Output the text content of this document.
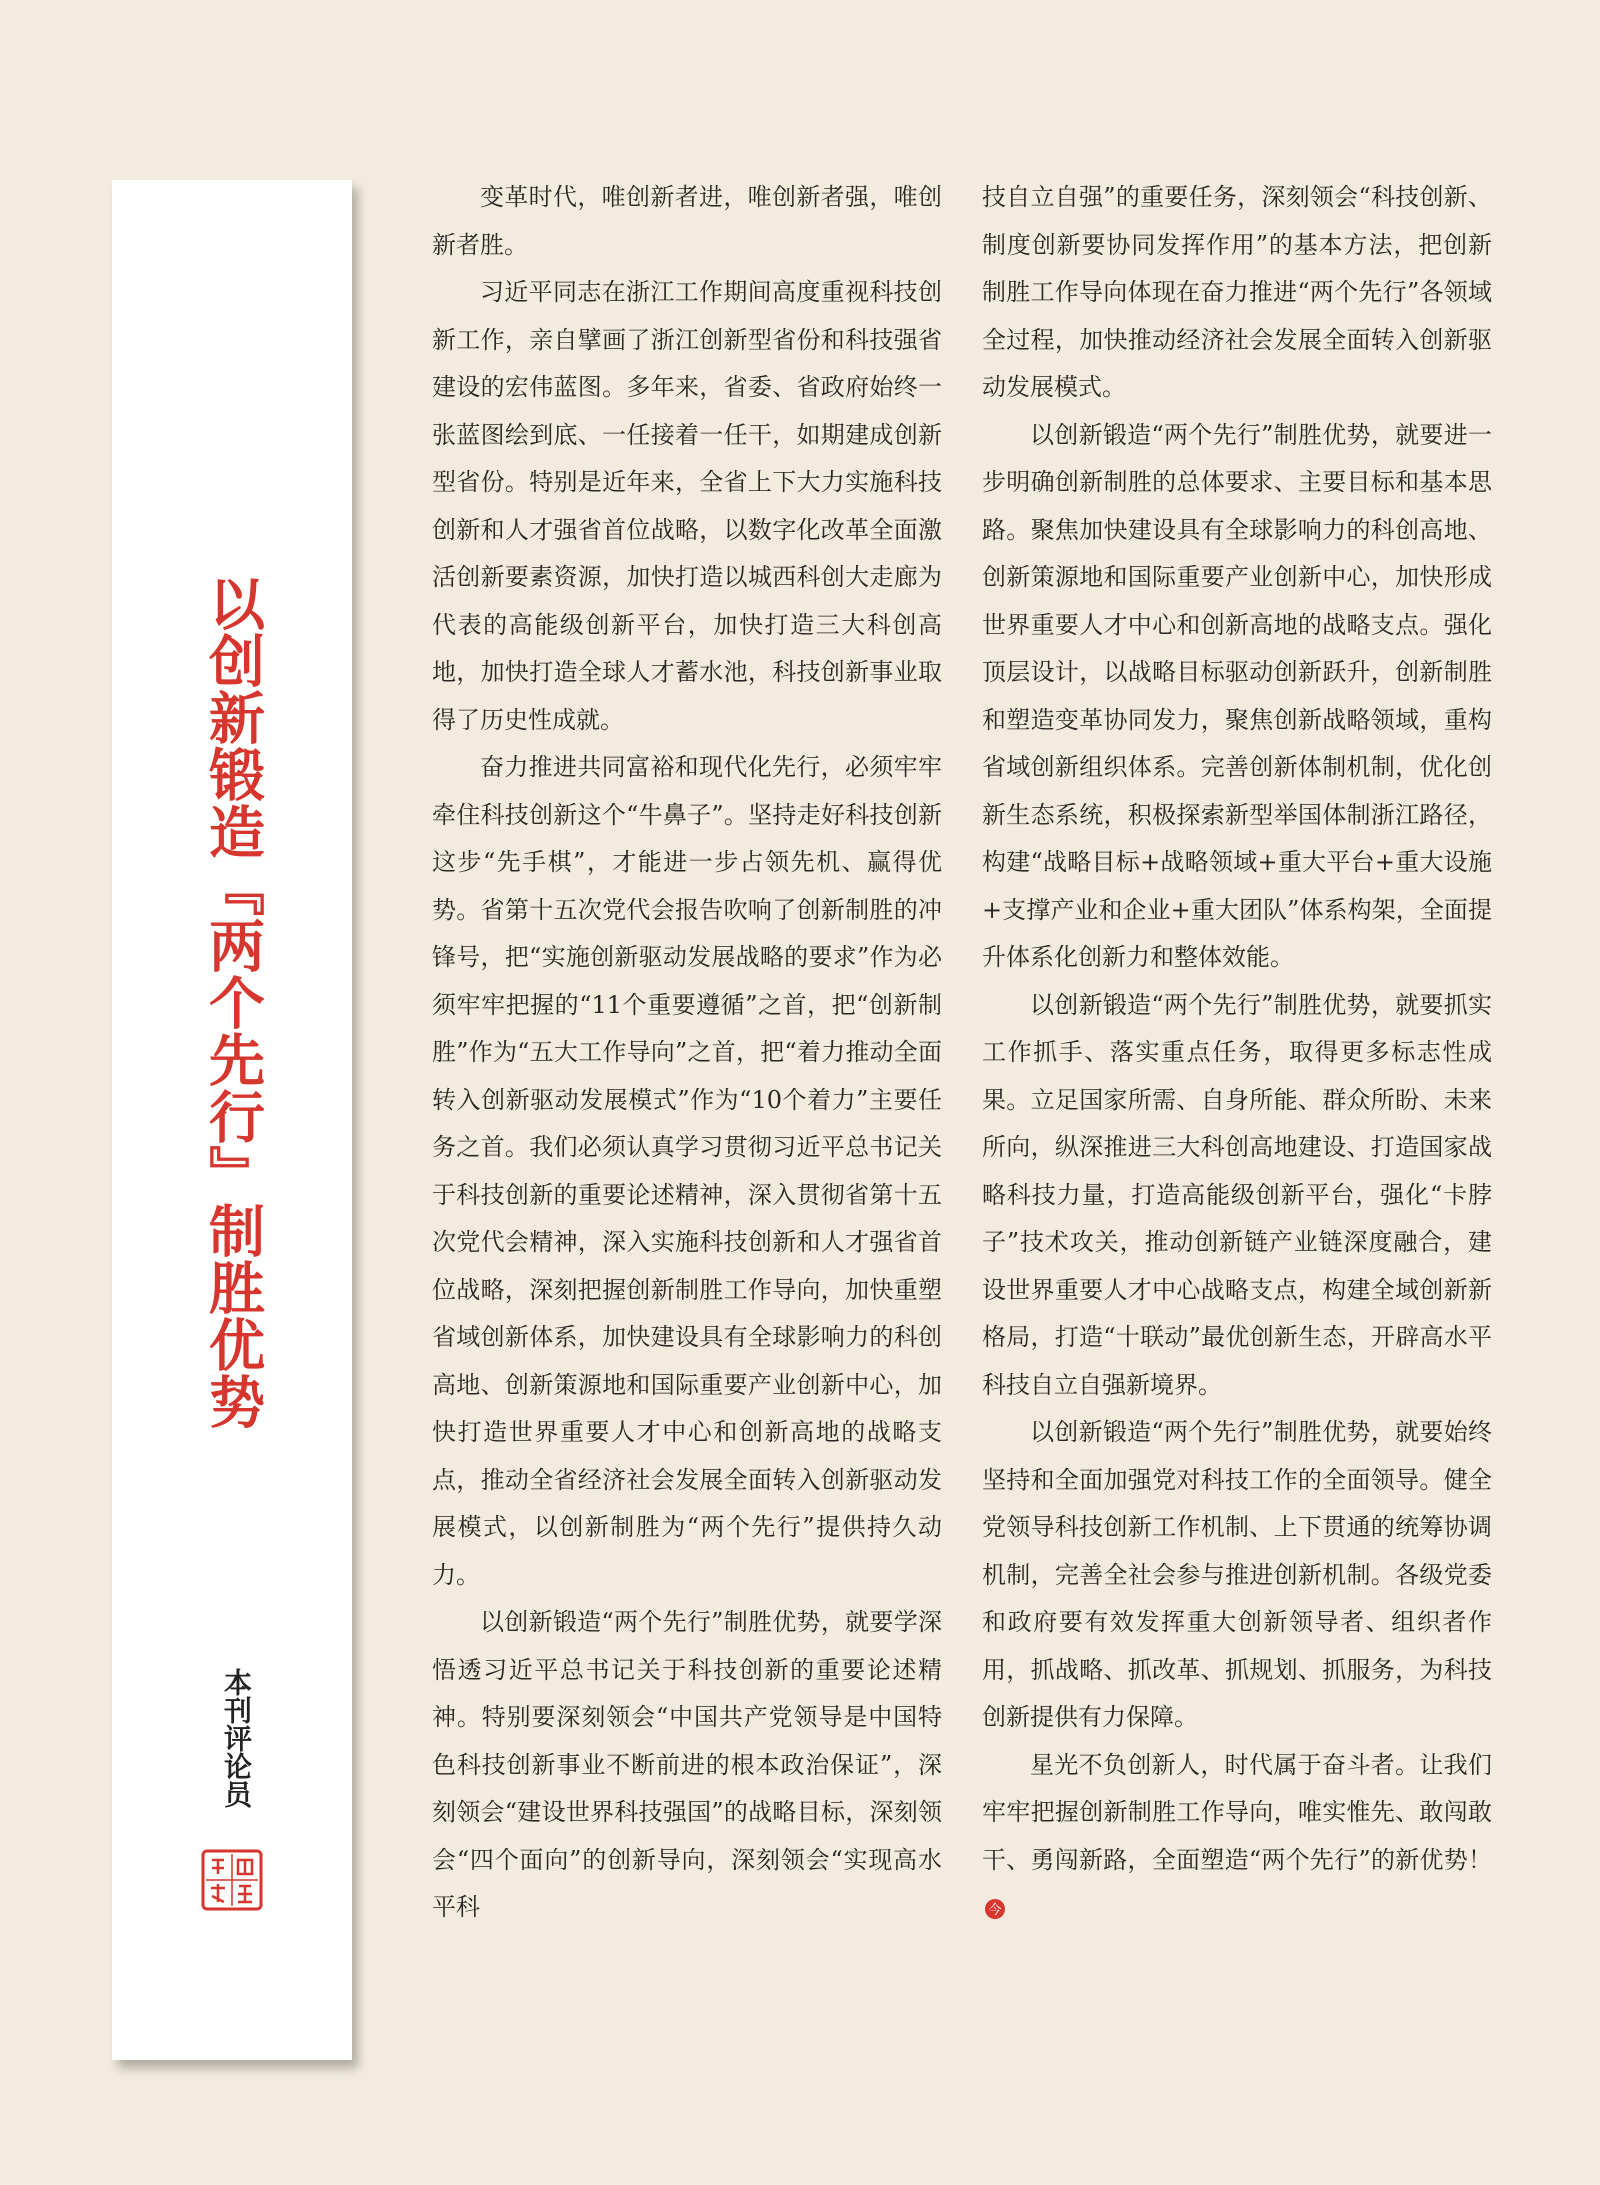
以创新锻造『两个先行』制胜优势
本刊评论员

变革时代，唯创新者进，唯创新者强，唯创新者胜。

习近平同志在浙江工作期间高度重视科技创新工作，亲自擘画了浙江创新型省份和科技强省建设的宏伟蓝图。多年来，省委、省政府始终一张蓝图绘到底、一任接着一任干，如期建成创新型省份。特别是近年来，全省上下大力实施科技创新和人才强省首位战略，以数字化改革全面激活创新要素资源，加快打造以城西科创大走廊为代表的高能级创新平台，加快打造三大科创高地，加快打造全球人才蓄水池，科技创新事业取得了历史性成就。

奋力推进共同富裕和现代化先行，必须牢牢牵住科技创新这个“牛鼻子”。坚持走好科技创新这步“先手棋”，才能进一步占领先机、赢得优势。省第十五次党代会报告吹响了创新制胜的冲锋号，把“实施创新驱动发展战略的要求”作为必须牢牢把握的“11个重要遵循”之首，把“创新制胜”作为“五大工作导向”之首，把“着力推动全面转入创新驱动发展模式”作为“10个着力”主要任务之首。我们必须认真学习贯彻习近平总书记关于科技创新的重要论述精神，深入贯彻省第十五次党代会精神，深入实施科技创新和人才强省首位战略，深刻把握创新制胜工作导向，加快重塑省域创新体系，加快建设具有全球影响力的科创高地、创新策源地和国际重要产业创新中心，加快打造世界重要人才中心和创新高地的战略支点，推动全省经济社会发展全面转入创新驱动发展模式，以创新制胜为“两个先行”提供持久动力。

以创新锻造“两个先行”制胜优势，就要学深悟透习近平总书记关于科技创新的重要论述精神。特别要深刻领会“中国共产党领导是中国特色科技创新事业不断前进的根本政治保证”，深刻领会“建设世界科技强国”的战略目标，深刻领会“四个面向”的创新导向，深刻领会“实现高水平科

技自立自强”的重要任务，深刻领会“科技创新、制度创新要协同发挥作用”的基本方法，把创新制胜工作导向体现在奋力推进“两个先行”各领域全过程，加快推动经济社会发展全面转入创新驱动发展模式。

以创新锻造“两个先行”制胜优势，就要进一步明确创新制胜的总体要求、主要目标和基本思路。聚焦加快建设具有全球影响力的科创高地、创新策源地和国际重要产业创新中心，加快形成世界重要人才中心和创新高地的战略支点。强化顶层设计，以战略目标驱动创新跃升，创新制胜和塑造变革协同发力，聚焦创新战略领域，重构省域创新组织体系。完善创新体制机制，优化创新生态系统，积极探索新型举国体制浙江路径，构建“战略目标+战略领域+重大平台+重大设施+支撑产业和企业+重大团队”体系构架，全面提升体系化创新力和整体效能。

以创新锻造“两个先行”制胜优势，就要抓实工作抓手、落实重点任务，取得更多标志性成果。立足国家所需、自身所能、群众所盼、未来所向，纵深推进三大科创高地建设、打造国家战略科技力量，打造高能级创新平台，强化“卡脖子”技术攻关，推动创新链产业链深度融合，建设世界重要人才中心战略支点，构建全域创新新格局，打造“十联动”最优创新生态，开辟高水平科技自立自强新境界。

以创新锻造“两个先行”制胜优势，就要始终坚持和全面加强党对科技工作的全面领导。健全党领导科技创新工作机制、上下贯通的统筹协调机制，完善全社会参与推进创新机制。各级党委和政府要有效发挥重大创新领导者、组织者作用，抓战略、抓改革、抓规划、抓服务，为科技创新提供有力保障。

星光不负创新人，时代属于奋斗者。让我们牢牢把握创新制胜工作导向，唯实惟先、敢闯敢干、勇闯新路，全面塑造“两个先行”的新优势！
今
